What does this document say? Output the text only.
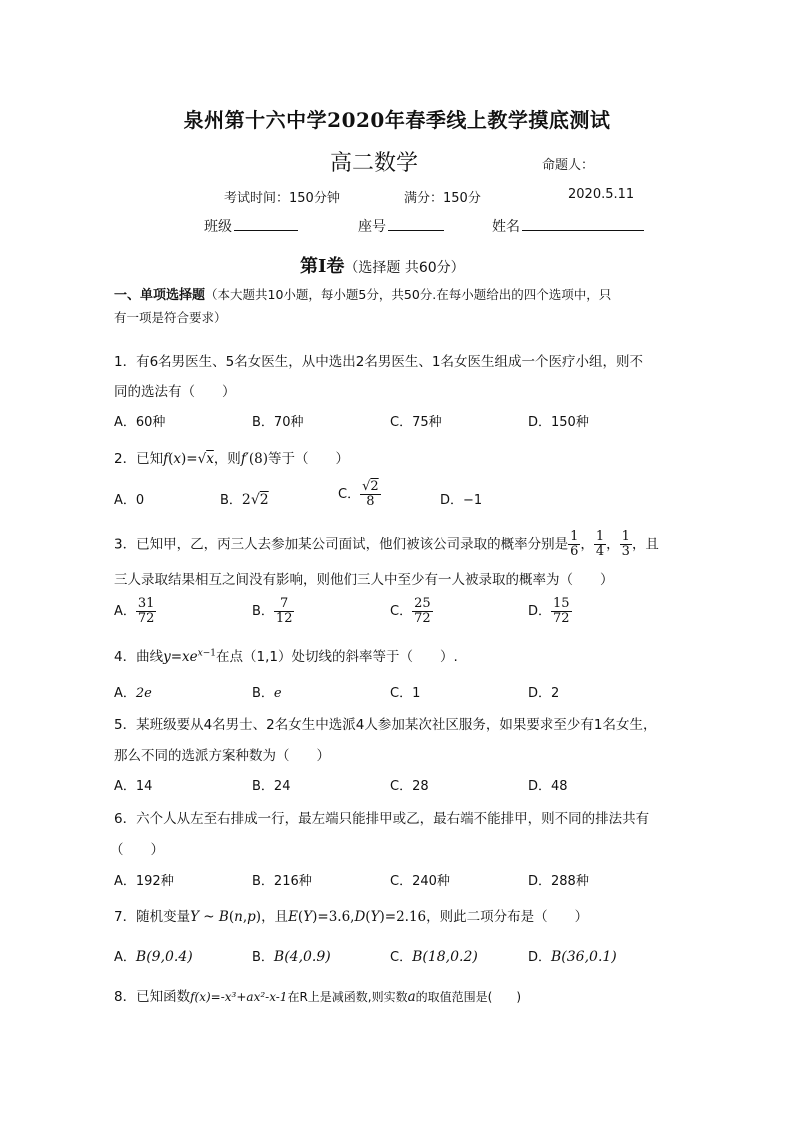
泉州第十六中学2020年春季线上教学摸底测试
高二数学	命题人：
考试时间：150分钟	满分：150分	2020.5.11
班级	座号	姓名
第Ⅰ卷（选择题 共60分）
一、单项选择题（本大题共10小题，每小题5分，共50分.在每小题给出的四个选项中，只
有一项是符合要求）
1．有6名男医生、5名女医生，从中选出2名男医生、1名女医生组成一个医疗小组，则不
同的选法有（　　）
A．60种	B．70种	C．75种	D．150种
2．已知f(x)=√x，则f′(8)等于（　　）
A．0	B．2√2	C． $\frac{√2}{8}$	D．−1
3．已知甲，乙，丙三人去参加某公司面试，他们被该公司录取的概率分别是 $\frac{1}{6}$ ， $\frac{1}{4}$ ， $\frac{1}{3}$ ，且
三人录取结果相互之间没有影响，则他们三人中至少有一人被录取的概率为（　　）
A． $\frac{31}{72}$	B． $\frac{7}{12}$	C． $\frac{25}{72}$	D． $\frac{15}{72}$
4．曲线$y=xe^{x-1}$在点（1,1）处切线的斜率等于（　　）.
A．2e	B．e	C．1	D．2
5．某班级要从4名男士、2名女生中选派4人参加某次社区服务，如果要求至少有1名女生，
那么不同的选派方案种数为（　　）
A．14	B．24	C．28	D．48
6．六个人从左至右排成一行，最左端只能排甲或乙，最右端不能排甲，则不同的排法共有
（　　）
A．192种	B．216种	C．240种	D．288种
7．随机变量Y ~ B(n,p)，且E(Y)=3.6,D(Y)=2.16，则此二项分布是（　　）
A．B(9,0.4)	B．B(4,0.9)	C．B(18,0.2)	D．B(36,0.1)
8．已知函数f(x)=-x³+ax²-x-1在R上是减函数,则实数a的取值范围是(　　)
